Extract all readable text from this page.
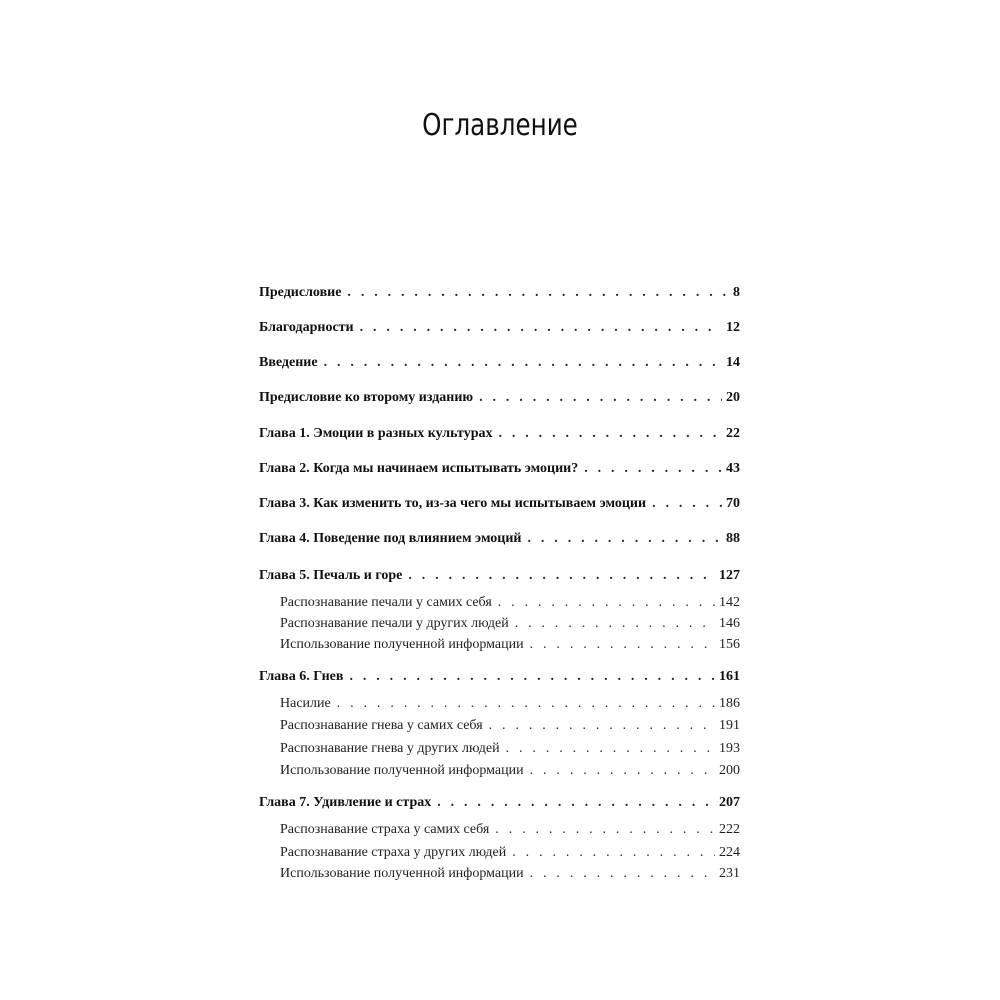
Оглавление
Предисловие . . .	8
Благодарности . . .	12
Введение . . .	14
Предисловие ко второму изданию . . .	20
Глава 1. Эмоции в разных культурах . . .	22
Глава 2. Когда мы начинаем испытывать эмоции? . . .	43
Глава 3. Как изменить то, из-за чего мы испытываем эмоции . . .	70
Глава 4. Поведение под влиянием эмоций . . .	88
Глава 5. Печаль и горе . . .	127
Распознавание печали у самих себя . . .	142
Распознавание печали у других людей . . .	146
Использование полученной информации . . .	156
Глава 6. Гнев . . .	161
Насилие . . .	186
Распознавание гнева у самих себя . . .	191
Распознавание гнева у других людей . . .	193
Использование полученной информации . . .	200
Глава 7. Удивление и страх . . .	207
Распознавание страха у самих себя . . .	222
Распознавание страха у других людей . . .	224
Использование полученной информации . . .	231
